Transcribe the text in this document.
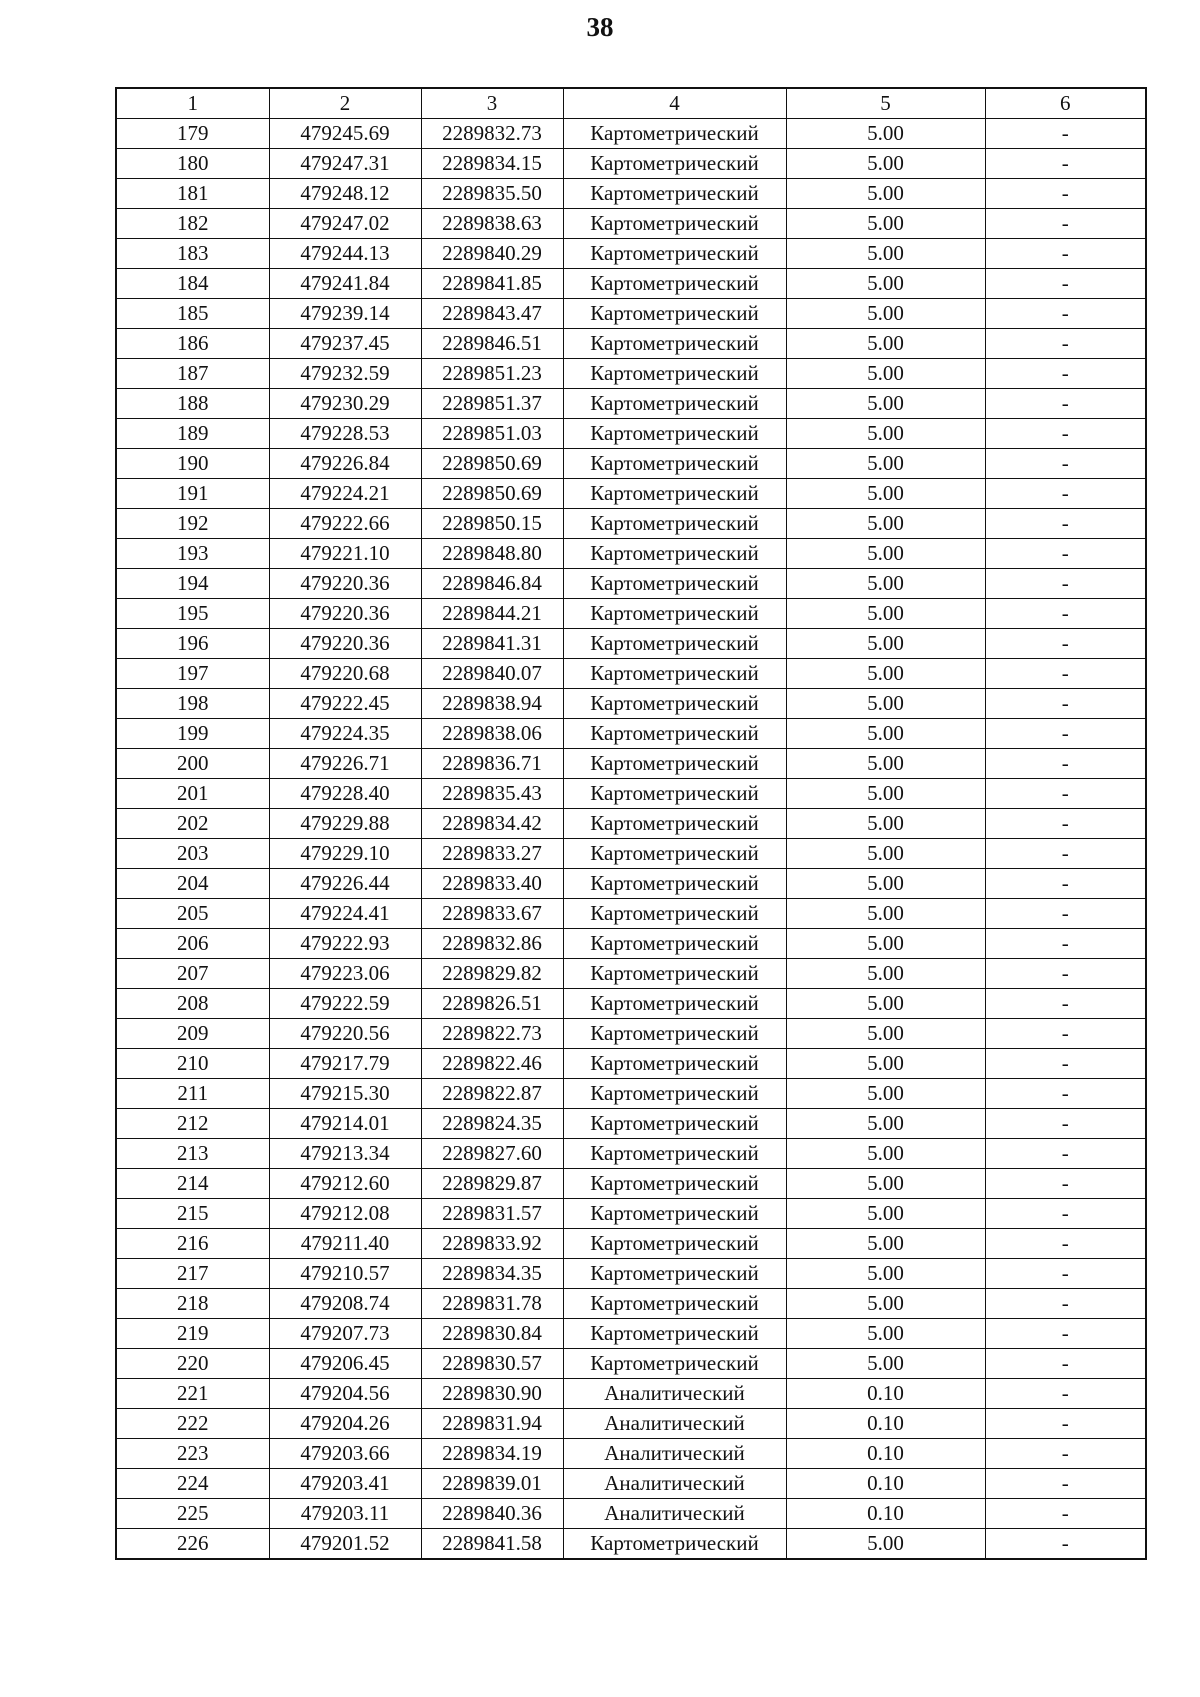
38
1	2	3	4	5	6
179	479245.69	2289832.73	Картометрический	5.00	-
180	479247.31	2289834.15	Картометрический	5.00	-
181	479248.12	2289835.50	Картометрический	5.00	-
182	479247.02	2289838.63	Картометрический	5.00	-
183	479244.13	2289840.29	Картометрический	5.00	-
184	479241.84	2289841.85	Картометрический	5.00	-
185	479239.14	2289843.47	Картометрический	5.00	-
186	479237.45	2289846.51	Картометрический	5.00	-
187	479232.59	2289851.23	Картометрический	5.00	-
188	479230.29	2289851.37	Картометрический	5.00	-
189	479228.53	2289851.03	Картометрический	5.00	-
190	479226.84	2289850.69	Картометрический	5.00	-
191	479224.21	2289850.69	Картометрический	5.00	-
192	479222.66	2289850.15	Картометрический	5.00	-
193	479221.10	2289848.80	Картометрический	5.00	-
194	479220.36	2289846.84	Картометрический	5.00	-
195	479220.36	2289844.21	Картометрический	5.00	-
196	479220.36	2289841.31	Картометрический	5.00	-
197	479220.68	2289840.07	Картометрический	5.00	-
198	479222.45	2289838.94	Картометрический	5.00	-
199	479224.35	2289838.06	Картометрический	5.00	-
200	479226.71	2289836.71	Картометрический	5.00	-
201	479228.40	2289835.43	Картометрический	5.00	-
202	479229.88	2289834.42	Картометрический	5.00	-
203	479229.10	2289833.27	Картометрический	5.00	-
204	479226.44	2289833.40	Картометрический	5.00	-
205	479224.41	2289833.67	Картометрический	5.00	-
206	479222.93	2289832.86	Картометрический	5.00	-
207	479223.06	2289829.82	Картометрический	5.00	-
208	479222.59	2289826.51	Картометрический	5.00	-
209	479220.56	2289822.73	Картометрический	5.00	-
210	479217.79	2289822.46	Картометрический	5.00	-
211	479215.30	2289822.87	Картометрический	5.00	-
212	479214.01	2289824.35	Картометрический	5.00	-
213	479213.34	2289827.60	Картометрический	5.00	-
214	479212.60	2289829.87	Картометрический	5.00	-
215	479212.08	2289831.57	Картометрический	5.00	-
216	479211.40	2289833.92	Картометрический	5.00	-
217	479210.57	2289834.35	Картометрический	5.00	-
218	479208.74	2289831.78	Картометрический	5.00	-
219	479207.73	2289830.84	Картометрический	5.00	-
220	479206.45	2289830.57	Картометрический	5.00	-
221	479204.56	2289830.90	Аналитический	0.10	-
222	479204.26	2289831.94	Аналитический	0.10	-
223	479203.66	2289834.19	Аналитический	0.10	-
224	479203.41	2289839.01	Аналитический	0.10	-
225	479203.11	2289840.36	Аналитический	0.10	-
226	479201.52	2289841.58	Картометрический	5.00	-
